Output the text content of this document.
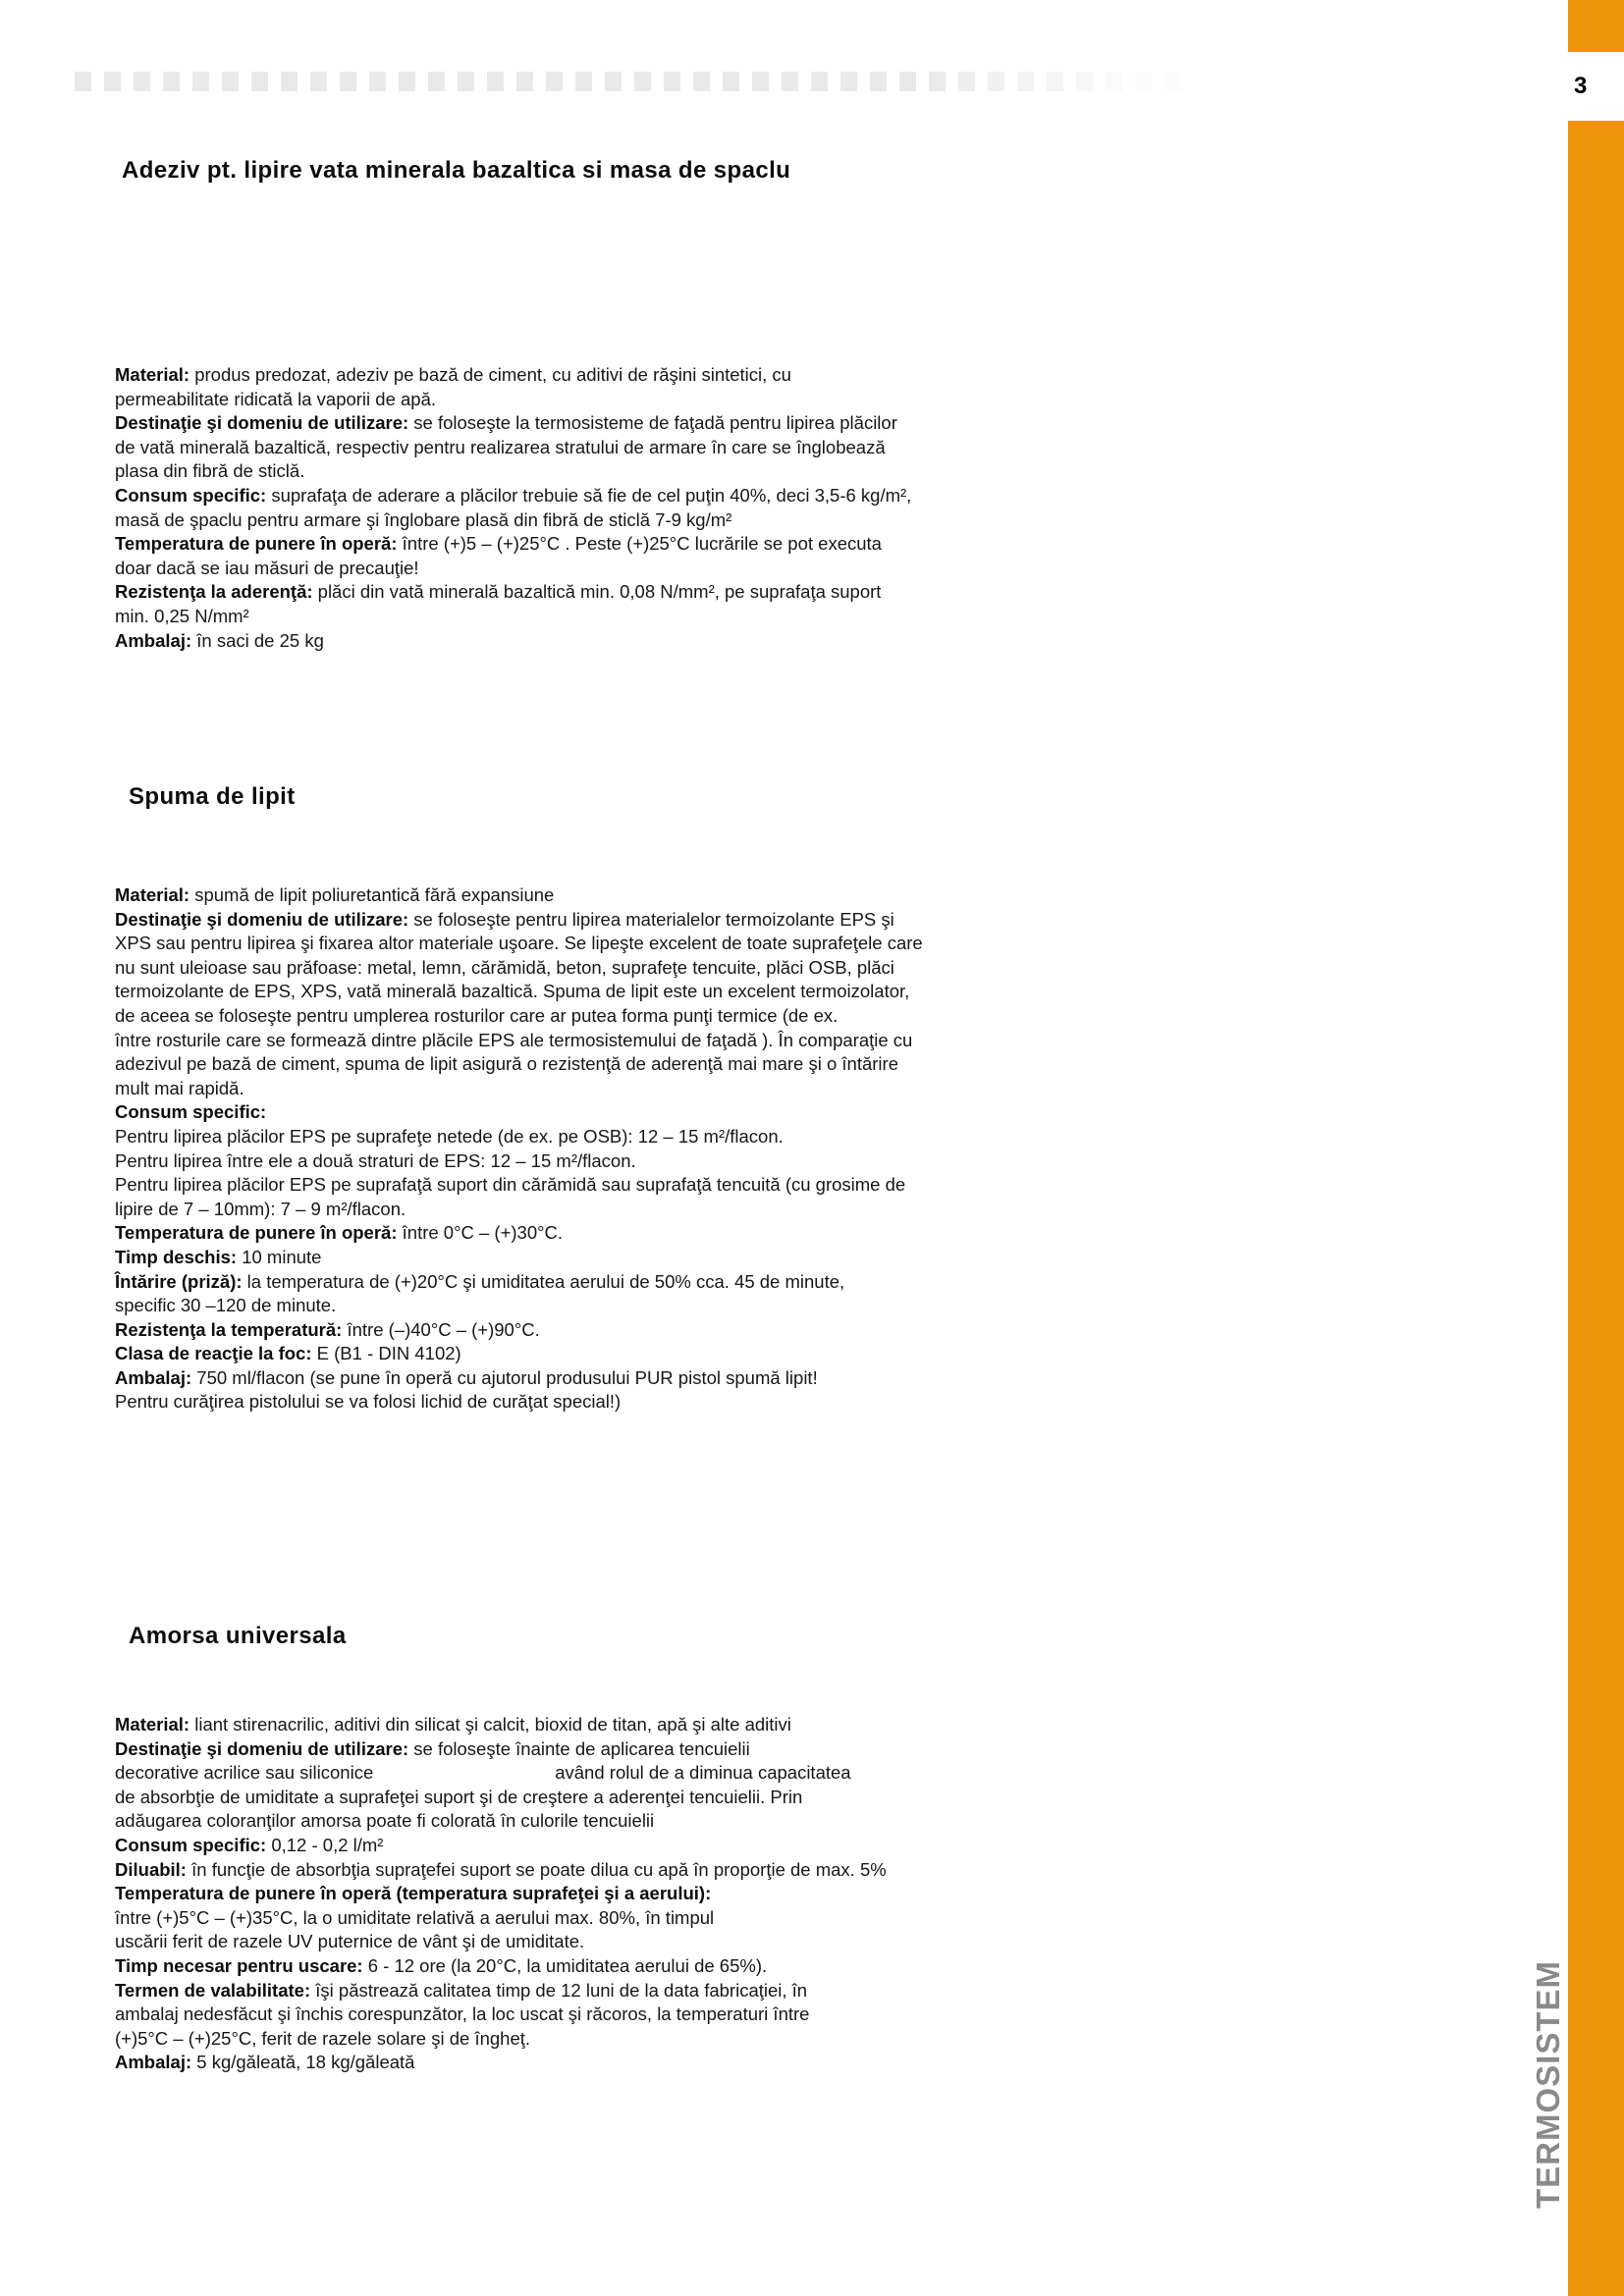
3
TERMOSISTEM
Adeziv pt. lipire vata minerala bazaltica si masa de spaclu
Material: produs predozat, adeziv pe bază de ciment, cu aditivi de răşini sintetici, cu
permeabilitate ridicată la vaporii de apă.
Destinaţie şi domeniu de utilizare: se foloseşte la termosisteme de faţadă pentru lipirea plăcilor
de vată minerală bazaltică, respectiv pentru realizarea stratului de armare în care se înglobează
plasa din fibră de sticlă.
Consum specific: suprafaţa de aderare a plăcilor trebuie să fie de cel puţin 40%, deci 3,5-6 kg/m²,
masă de şpaclu pentru armare şi înglobare plasă din fibră de sticlă 7-9 kg/m²
Temperatura de punere în operă: între (+)5 – (+)25°C . Peste (+)25°C lucrările se pot executa
doar dacă se iau măsuri de precauţie!
Rezistenţa la aderenţă: plăci din vată minerală bazaltică min. 0,08 N/mm², pe suprafaţa suport
min. 0,25 N/mm²
Ambalaj: în saci de 25 kg
Spuma de lipit
Material: spumă de lipit poliuretantică fără expansiune
Destinaţie şi domeniu de utilizare: se foloseşte pentru lipirea materialelor termoizolante EPS şi
XPS sau pentru lipirea şi fixarea altor materiale uşoare. Se lipeşte excelent de toate suprafeţele care
nu sunt uleioase sau prăfoase: metal, lemn, cărămidă, beton, suprafeţe tencuite, plăci OSB, plăci
termoizolante de EPS, XPS, vată minerală bazaltică. Spuma de lipit este un excelent termoizolator,
de aceea se foloseşte pentru umplerea rosturilor care ar putea forma punţi termice (de ex.
între rosturile care se formează dintre plăcile EPS ale termosistemului de faţadă ). În comparaţie cu
adezivul pe bază de ciment, spuma de lipit asigură o rezistenţă de aderenţă mai mare şi o întărire
mult mai rapidă.
Consum specific:
Pentru lipirea plăcilor EPS pe suprafeţe netede (de ex. pe OSB): 12 – 15 m²/flacon.
Pentru lipirea între ele a două straturi de EPS: 12 – 15 m²/flacon.
Pentru lipirea plăcilor EPS pe suprafaţă suport din cărămidă sau suprafaţă tencuită (cu grosime de
lipire de 7 – 10mm): 7 – 9 m²/flacon.
Temperatura de punere în operă: între 0°C – (+)30°C.
Timp deschis: 10 minute
Întărire (priză): la temperatura de (+)20°C şi umiditatea aerului de 50% cca. 45 de minute,
specific 30 –120 de minute.
Rezistenţa la temperatură: între (–)40°C – (+)90°C.
Clasa de reacţie la foc: E (B1 - DIN 4102)
Ambalaj: 750 ml/flacon (se pune în operă cu ajutorul produsului PUR pistol spumă lipit!
Pentru curăţirea pistolului se va folosi lichid de curăţat special!)
Amorsa universala
Material: liant stirenacrilic, aditivi din silicat şi calcit, bioxid de titan, apă şi alte aditivi
Destinaţie şi domeniu de utilizare: se foloseşte înainte de aplicarea tencuielii
decorative acrilice sau siliconice	având rolul de a diminua capacitatea
de absorbţie de umiditate a suprafeţei suport şi de creştere a aderenţei tencuielii. Prin
adăugarea coloranţilor amorsa poate fi colorată în culorile tencuielii
Consum specific: 0,12 - 0,2 l/m²
Diluabil: în funcţie de absorbţia supraţefei suport se poate dilua cu apă în proporţie de max. 5%
Temperatura de punere în operă (temperatura suprafeţei şi a aerului):
între (+)5°C – (+)35°C, la o umiditate relativă a aerului max. 80%, în timpul
uscării ferit de razele UV puternice de vânt şi de umiditate.
Timp necesar pentru uscare: 6 - 12 ore (la 20°C, la umiditatea aerului de 65%).
Termen de valabilitate: îşi păstrează calitatea timp de 12 luni de la data fabricaţiei, în
ambalaj nedesfăcut şi închis corespunzător, la loc uscat şi răcoros, la temperaturi între
(+)5°C – (+)25°C, ferit de razele solare şi de îngheţ.
Ambalaj: 5 kg/găleată, 18 kg/găleată
